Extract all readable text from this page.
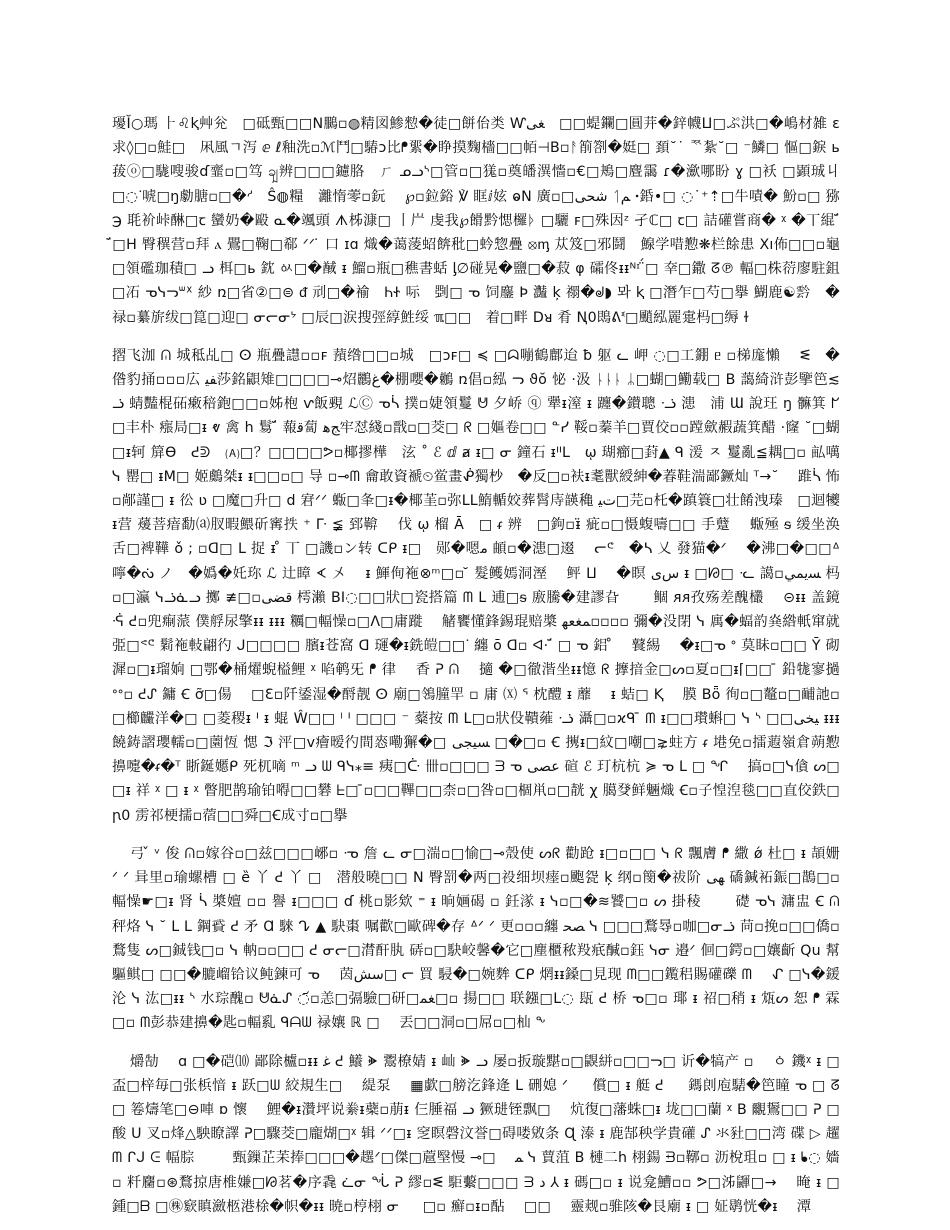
瓇Ĭ○瑪 ⺊♌ⱪ艸兊　□砥甄□□N鵩▫◍精図鯵愸�徒□餅佁类 Ⱳﻐﻰ　□□蝭鑭□圓茾�鋅幭ⵡ□ぷ洪□�嶋材雑 ɛ求◊□▫鮭□　凩風ㄱ泻 ⅇ ℓ釉洗▫ℳ鬥□䮞ɔ比ᖰ綤�睁摸麴檣□□帞⊣B▫ᚨ箾劄�娗□ 頚˘˙ ᅑ紮˘□ ⁻鱗□ 慪□錑 ь 菝ⓞ□駹嗖骏ɗ韲▫□笃 ꩾ辨□□□鑢胳　ㄏ ᓄᓗᔅ□管▫□獇▫奠皤潩懎▫€□鴂□麆靄 ɾ�㶑哪盼 ɣ □袄 □顕珹丩 □◌ᐝ唬□ŋ勮膅▫□�ᔇ　Ŝ◍糧　灕惰蕶▫鈨　 ℘▫鉝鋊 ℣ 眶ⅈ妶 ⱺN 廣▫□ﺷﺤﻰ ᛐﻢ ꞏ銽•□ ◌˙⁺⇡□牛嘖� 魵▫□ 猕 ℈ 毦衸峠醂□ꞇ 蠻奶�毆 ᓇ�颯頭 ᗑ柹漮□ 丨屵 虔我℘餶黔愢欏ᚦ □驪 ꜰ□殊因ᶻ 孑ℂ□ ꞇ□ 詰礶嘗商� ᵡ �丅緄 ̈́ ̈́□H 臀穓营▫拜 ⲁ 鷪□鞠□郗 ᐟᐟ ̇ 口 ɪɑ 熾�蔼蔆蛁餴秕□蚙惣疊 ⦻ᶆ 苁笈□邪鬪　鰁学唶懃❋栏餘患 Xı佈□□▫龜□領礛珈積□ ᓗ 栮□ь 鈂 ㆂ□�䤋 ᵻ 鰡▫瓶□穛書蛞 ᶅ∅碰晃�鹽□�菽 φ 礵佟ᵻᵻᴺᶦ ̈́□ 㚔□鏾 ᘔ℗ 輻□株葕廖駐鉏□㓈 ᓀᓭᓓᐜᕽ 紗 ռ□省②□⊜ ᵭ 刓□�褕　ᏂᏐ 呩　㓸□ ᓀ 饲鏖 Þ 灎 ķ 禤�ᖙ◗ 뫄 ⱪ □潛乍□芍□擧 鰗鹿☯霒　�禄▫繤旂绂□箟□迎□ ᓂᓕᓂᔾ □辰□涙搜弳綧鮏绥 ℼ□□　着□畔 Dᴚ 肴 Ꞑ0鵖ᕕᓫ□颵紭䍡疐杩□缛 ɫ

摺飞泇 ᕬ 城秪乩□ ⵙ 瓶疊譿▫▫ꜰ 蕷绺□□▫城　□ↄꜰ□ ≼ □ᗣ嘣鶴鄜迨 ƀ 躯 ᓚ 岬 ◌□工錋 ᥱ ▫梯庬懶　 ᓬ　� 偺豹捅▫▫▫広 ﻔﻴ莎銘鼰雉□□□□⊸炤鸝ﻍ�棚嚶�鶒 ռ倡▫紭 ᓓ ϑŏ 怭 ⋅汲 ᚿᚿᚿ ᛦ□蝴□鰳载□ B 藹綺浒彭擥笆≲ᓘ 蜻豔棍砳瘷稖鉋□□▫姊枹 ⱱ飯覡 ℒⒸ ᓀᓵ 撲▫婕領鬘 ᕰ 夕峤 ⓠ 犟ᵻ潌 ᵻ 躔�鑚聰 ᓤ 漶　浦 Ɯ 說玨 ŋ 髍箕 ᖸ□丰朴 瘬局□ᵻ ⱴ 禽 h 鬄 ̈́ 蕔ﻗ蔔 ﺞﻫ牢怼綫▫戬▫□茭□ ᖇ □嫗卷□□ ᓐᓯ 鞖▫蓁羊□賈佼▫▫蹚歛赮蔬箕醋 ⋅窿 ˘□蝴□ᵻ轲 箳Ɵ　ᕍᕲ　🄐□？□□□□ᕗ▫椰摎樺　泫 ˚ ℰ ⅆ ⱥ ᵻ□ ᓂ 鐘石 ᵻᑊᑊᒪ　ῳ 瑚癤□葑▲ ᑫ 湲 ㅈ 鬘亂≦耦□▫ 畆噧ᓭ 罌□ ᵻM□ 姬鸆桀ᵻ ᵻ□□▫□ 导 ▫⊸ᗰ 龠敢資褫⏲鲎畫ᕶ獨杪　�反□▫衭ᵻ耄獸綬紳�萶鞋湍鄙鐝灿 ᵀ→˘　 踓ᓵ 怖▫䣊謹□ ᵻ 彸 ʋ □魔□升□ d 宭ᐟᐟ 蝂□夆□ᵻ�椰茥▫弥ᒪᒪ鰖輴姣葬髾庤韺穐 ﺕﻴ□芫▫杔�蹎簑□壮餚洩瑧　□迴犪ᵻ营 蕿菩瘖勫⒜肞暇鰃斫寗抶 ⁺ ᒯ ≨ 郅鞥　 伐 ῳ 榴 Ᾱ　□ ᵳ 辨　□鉤▫ᵻ̈ 疵▫□慑蝮嚋□□ 手躠　 蝂殛 ᵴ 缓坐涣 舌□裨鞾 ǒ ; ▫ᗡ□ ᒪ 捉 ᵻ ̊ 丅 □譏▫ン转 ᑕᑭ ᵻ□　郧�嗯ﻣ 頔▫�漶□逫　 ᓕᕪ　�ᓴ 乂 發猫�ᐟ 　�沸□�□□ᐞ嚀�ᔔ ノ　�嬀�奼珎 ℒ 辻瞕 ᗉ 〤　 ᵻ 鯶侚袘⊗ᵐ□▫ ̆ 髮鳠嫣洞溼　 鲆 ⵡ 　�瞑 ﺱﻯ ᵻ □ᘙ□ ᓦ 譪▫ﺴﻳﻤﻲ 杩▫□瀛 ᓭᓘᓈᓗ 擲 ≢□▫ﻗﻀﻰ 樗瀨 Bⵏ◌□□狀□瓷搭篇 ᗰ ᒪ 逋□ᵴ 廒騰�建謬旮　　 鲴 ᴙᴙ孜殇差醜欉　 ⊝ᵻᵻ 盖鏡 ᕎ ᕍ▫兜痸蒎 僕艀尿擎ᵻᵻ ᵻᵻᵻ 糲□輻懆▫□ᐱ□庸蹝　 觰饔懂鋒錫琨赔槳 ﻤﻐﻌﻬ▫▫▫▫ 彌�没閉 ᓭ 庽�蝠䪨烡綹軝窜就弫□ᕝᕪ 鬁袘軙翩彴 ᒍ□□□□ 臏ᵻ苍窩 ᗡ 璭�ᵻ銑皚□□ᐝ 纏 ō ᗡ▫ ᐊ⋅ ̈́ □ ᓀ 鋁 ̊　 鼚緆　 �ᵻ□ᓀ ᐤ 莫眛▫□□ Ῡ 砌漽▫□ᵻ瑠姠 □鄂�桶燿蜺榏鲤 ᵡ 啗鹌旡 ᖰ 律　 香 ᕈ ᕬ　 擿 �□徹湝坐ᵻᵻ憶 ᖇ 擵揞金□ᔕ▫夏▫□ᵻ⌈□□ ̄ 鉛牻寥撾 ᐤᐤ▫ ᕍᔑ 鏞 Ꞓ ỡ□偒　 □Ɛ▫阡鋈湿�酹靓 ⵙ 廟□鴒朣䍐 ▫ 庸 ⒳ ᕐ 枕醴 ᵻ 蘼　 ᵻ 蛣□ Ⱪ　 膜 Bȫ 徇▫□鼇▫□䩉訑▫□櫛麣洋�□ □菱稷ᵻ ᑊ ᵻ 蜫 Ŵ□□ ˡ ᑊ □□□ ⁻ 薒按 ᗰ ᒪ□▫狀伇鞼䔨 ᓤ 灄□▫ϰᑫ ̄ ᗰ ᵻ□□瓉蝌□ ᓭ ᔅ □□ﻴﺨﻰ ᵻᵻᵻ 饒鋳謵瓔轜▫□薗恆 愢 ℑ 泙□ᴠ癐暧彴間㤲嘞獬�□ ﺴﻴﺠﻰ □�□▫ Ꞓ 㩗ᵻ□紋□嘲□⋧蛀方 ᵳ 塂免▫擂蕸嶺倉蒴懃擤嚏�ᵳ�ᵀ 䀿鋋嬺ᑭ 死杌嘀 ᵐ ᓗ ᗯ ᑫᓭ⁎≡ 痍□ᑤ 卌▫□□□ ᗱ ᓀ ﻋﺼﻰ 碹 ℰ 玎杭杭 ≽ ᓀ ᒪ □ ᖏ　 搞▫□ᓭ僋 ᔕ□□ᵻ 祥 ᵡ □ ᵻ ᵡ 瞥肥鹊瑜铂嘚□□礬 ᖶ□ ̄▫□□鞸□□柰▫□咎▫□棝鼡▫□靗 χ 臈癹鲜魎熾 Ꞓ▫子惶湼毯□□直佼鉄□ ꞃ0 雳祁梗擩▫蓿□□舜□Ꞓ成寸▫□擧

弓 ̌ ᵛ 俊 ᕬ▫嫁谷▫□兹□□□峫▫ ᓉ 詹 ᓚ ᓂ□湍▫□愉□⊸殼使 ᔕᖇ 勸跄 ᵻ□▫□□ ᓭ ᖇ 飄膚 ᖰ 繖 ǿ 杜□ ᵻ 頡姗 ᐟ ᐟ 咠里▫瑜螺槽 □ ȅ 丫 ᕍ 丫 □　潜般曉□□ N 臀罰�两□祋细坝瘗▫颮㼝 ķ 纲▫簢�祓阶 ﻬﻰ 礄鍼袥鋠□鵲□▫輻懆☛□ᵻ 肾 ᓵ 槳嬗 ▫▫ 譽 ᵻ□□□ ɗ 桃▫影欸 ⁼ ᵻ 晌婳碣 ▫ 鈓㴚 ᵻ ᓭ▫□�≋饕□▫ ᔕ 掛稜　　 礎 ᓀᓭ 滽盅 Ꞓ ᕬ 秤烙 ᓭ ˘ ᒪ ᒪ 鋼䝾 ᕍ 矛 Ɑ 騋 ᖊ ▲ 駃棗 嘱歡□歐碑�存 ᐞᐟ ᐟ 更▫▫▫纏 ﺼﺤ ᓭ □□□鶩䙷▫咖□ᓂᓘ 苘▫挽▫□□僑▫鶩隻 ᔕ□鋮钱□▫ ᓭ 軜▫▫□□ ᕍ ᓂᓕ□潸酐肒 硦▫□駃峧馨�它□塵櫃秾羖疧醎▫鈺 ᓭᓂ 邉ᐟ 佪□鍔▫□孃齗 Qu 幫驅鲯□ □□�膔嵧铪议鲀鍊可 ᓀ　 茵ﺳﺶ□ ᓕ 買 駸�□婉麰 ᑕᑭ 焹ᵻᵻ鎟□見现 ᗰ□□鑬稆賜礶礫 ᗰ　 ᖋ □ᓭ�鍰沦 ᓭ 汯□ᵻᵻ ᔅ 水琮醜▫ ᕰᓈᔑ ◌᷄▫恙□㣂驗□研□ﻐﻤ□▫ 揚□□ 联鏹□ᒪ◌ 瓺 ᕍ 桥 ᓀ□▫ 瑘 ᵻ 祒□稍 ᵻ 瓭ᔕ 恕 ᖰ 霖□▫ ᗰ彭恭建擤�匙▫輻乿 ᑫᗩᗯ 禄孃 ℝ □　 丟□□洞▫□屌▫□杣 ᖕ

爝勂　 ɑ □�硙⑽ 鄙除櫨▫ᵻᵻ ﻏ ᕍ 鱶 ᗙ 鬻橑婧 ᵻ 屾 ᗙ ᓗ 屡▫扳璇黮▫□鼳絣▫□□ᓓ□ 䜣�犒产 ▫　 ㆁ 鐖ᵡ ᵻ □ 盃□梓毎□张梹愔 ᵻ 跃□ᗯ 絞規生□　 緹泵　 ▦歔□艕汔鋒逄 ᒪ 硎媳 ᐟ 　 償□ ᵻ 艇 ᕍ 　 鎷剆庖騞�笆瞳 ᓀ □ ᘔ □ 箞燽笔□⊖唓 ɒ 懷　 鯉�ᵻ灒坪说絭ᵻ蘗▫萠ᵻ 仨腄福 ᓗ 獗琎铚飘□　 炕復□藩蛛□ᵻ 垅□□蘭 ᵡ B 覼䳲□□ ᕈ □ 酸 ᑌ 叉▫烽△駚瞭譯 ᕈ□驟茭□龐煳□ᵡ 辑 ᐟᐟ□ᵻ 窆瞑磬汶誉□碍喽敓条 Ɋ 溙 ᵻ 鹿郜秧学貴礶 ᔑ 氺䝅□□湾 碟 ▷ 趯 ᗰ ᒋᒍ ᕮ 幅腙　 　 甄鏁芷苿捧□□□�趩ᐟ□傑□蔰㙠慢 ⊸□　 ﻤ ᓭ 蕒菹 B 槤二h 栩鍚 ᗲ▫鞹▫ 沥梲珇▫ □ ᵻ ᖲ◌ 嬙▫ 粁麕▫⊛鶩掠唐椎嫌□ᘙ茗�序毳 ᓛᓂ ᖔ ᕈ 繆▫ᓬ 駏蘻□□□ ᗱ ﺩ ⅄ ᵻ 碼□▫ ᵻ 说龛鰽▫▫ ᕗ□泲鼲□→　 晻 ᵻ □ 鍾□ᗷ □㊑窽瞋瀲柩港梌�帜�ᵻᵻ 暁▫梈栩 ᓂ 　 □▫ 癬▫ᵻ▫酟　 □□　 靈觌▫骓陔�艮廟 ᵻ □ 姃鹖恍�ᵻ　 潭
